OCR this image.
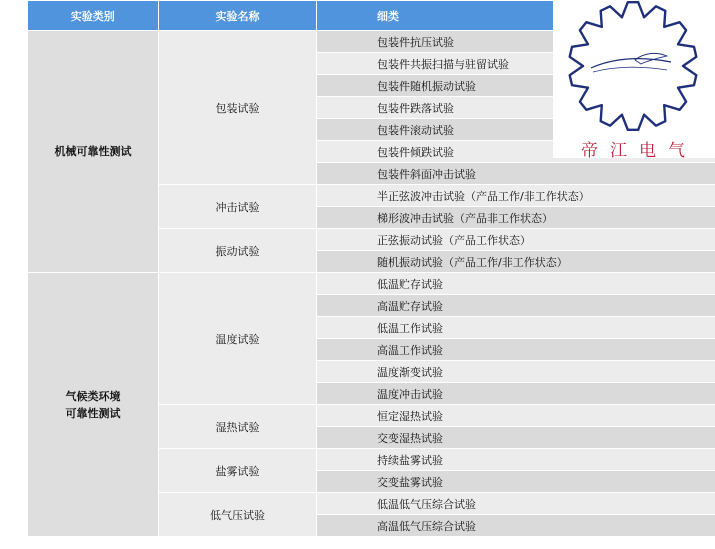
实验类别	实验名称	细类
机械可靠性测试	包装试验	包装件抗压试验
		包装件共振扫描与驻留试验
		包装件随机振动试验
		包装件跌落试验
		包装件滚动试验
		包装件倾跌试验
		包装件斜面冲击试验
	冲击试验	半正弦波冲击试验（产品工作/非工作状态）
		梯形波冲击试验（产品非工作状态）
	振动试验	正弦振动试验（产品工作状态）
		随机振动试验（产品工作/非工作状态）
气候类环境
可靠性测试	温度试验	低温贮存试验
		高温贮存试验
		低温工作试验
		高温工作试验
		温度渐变试验
		温度冲击试验
	湿热试验	恒定湿热试验
		交变湿热试验
	盐雾试验	持续盐雾试验
		交变盐雾试验
	低气压试验	低温低气压综合试验
		高温低气压综合试验
帝江电气
